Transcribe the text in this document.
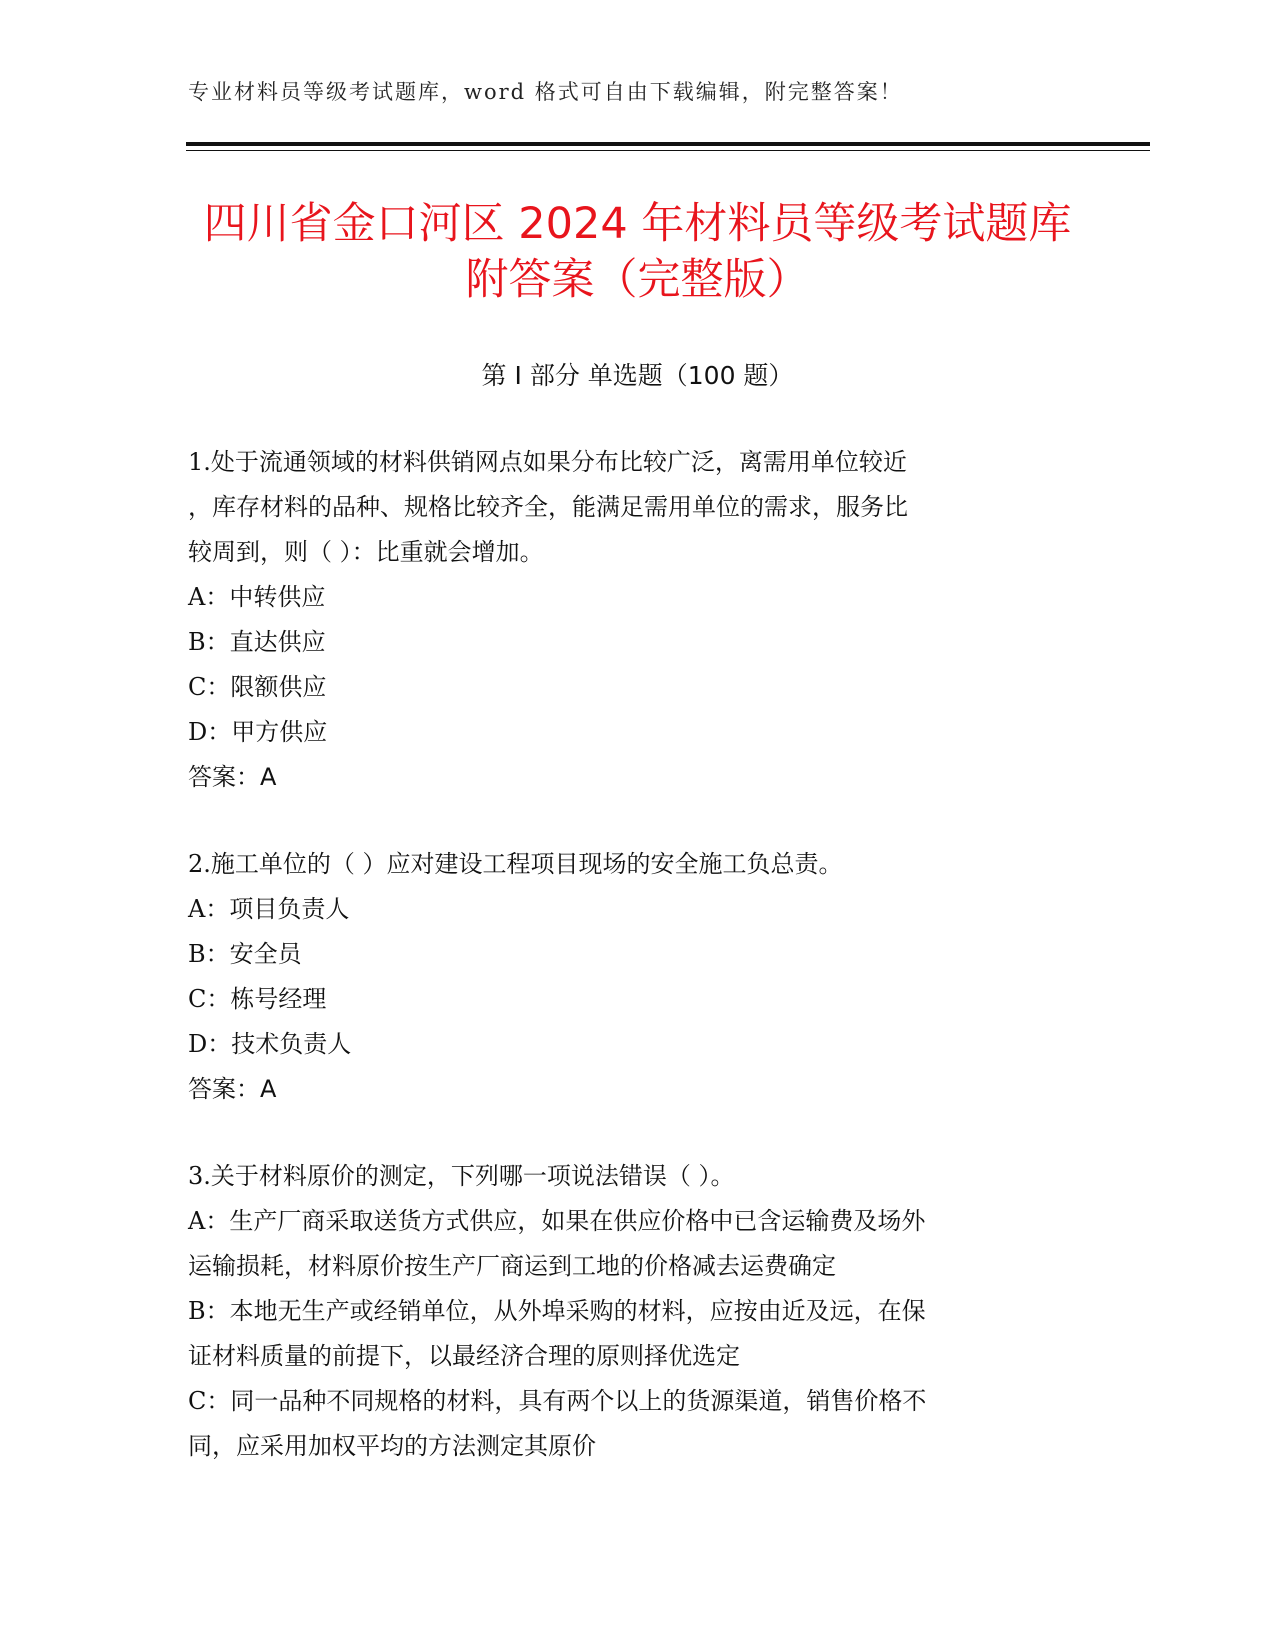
专业材料员等级考试题库，word 格式可自由下载编辑，附完整答案！
四川省金口河区 2024 年材料员等级考试题库
附答案（完整版）
第 I 部分 单选题（100 题）
1.处于流通领域的材料供销网点如果分布比较广泛，离需用单位较近
，库存材料的品种、规格比较齐全，能满足需用单位的需求，服务比
较周到，则（ ）：比重就会增加。
A：中转供应
B：直达供应
C：限额供应
D：甲方供应
答案：A
2.施工单位的（ ）应对建设工程项目现场的安全施工负总责。
A：项目负责人
B：安全员
C：栋号经理
D：技术负责人
答案：A
3.关于材料原价的测定，下列哪一项说法错误（ ）。
A：生产厂商采取送货方式供应，如果在供应价格中已含运输费及场外
运输损耗，材料原价按生产厂商运到工地的价格减去运费确定
B：本地无生产或经销单位，从外埠采购的材料，应按由近及远，在保
证材料质量的前提下，以最经济合理的原则择优选定
C：同一品种不同规格的材料，具有两个以上的货源渠道，销售价格不
同，应采用加权平均的方法测定其原价
